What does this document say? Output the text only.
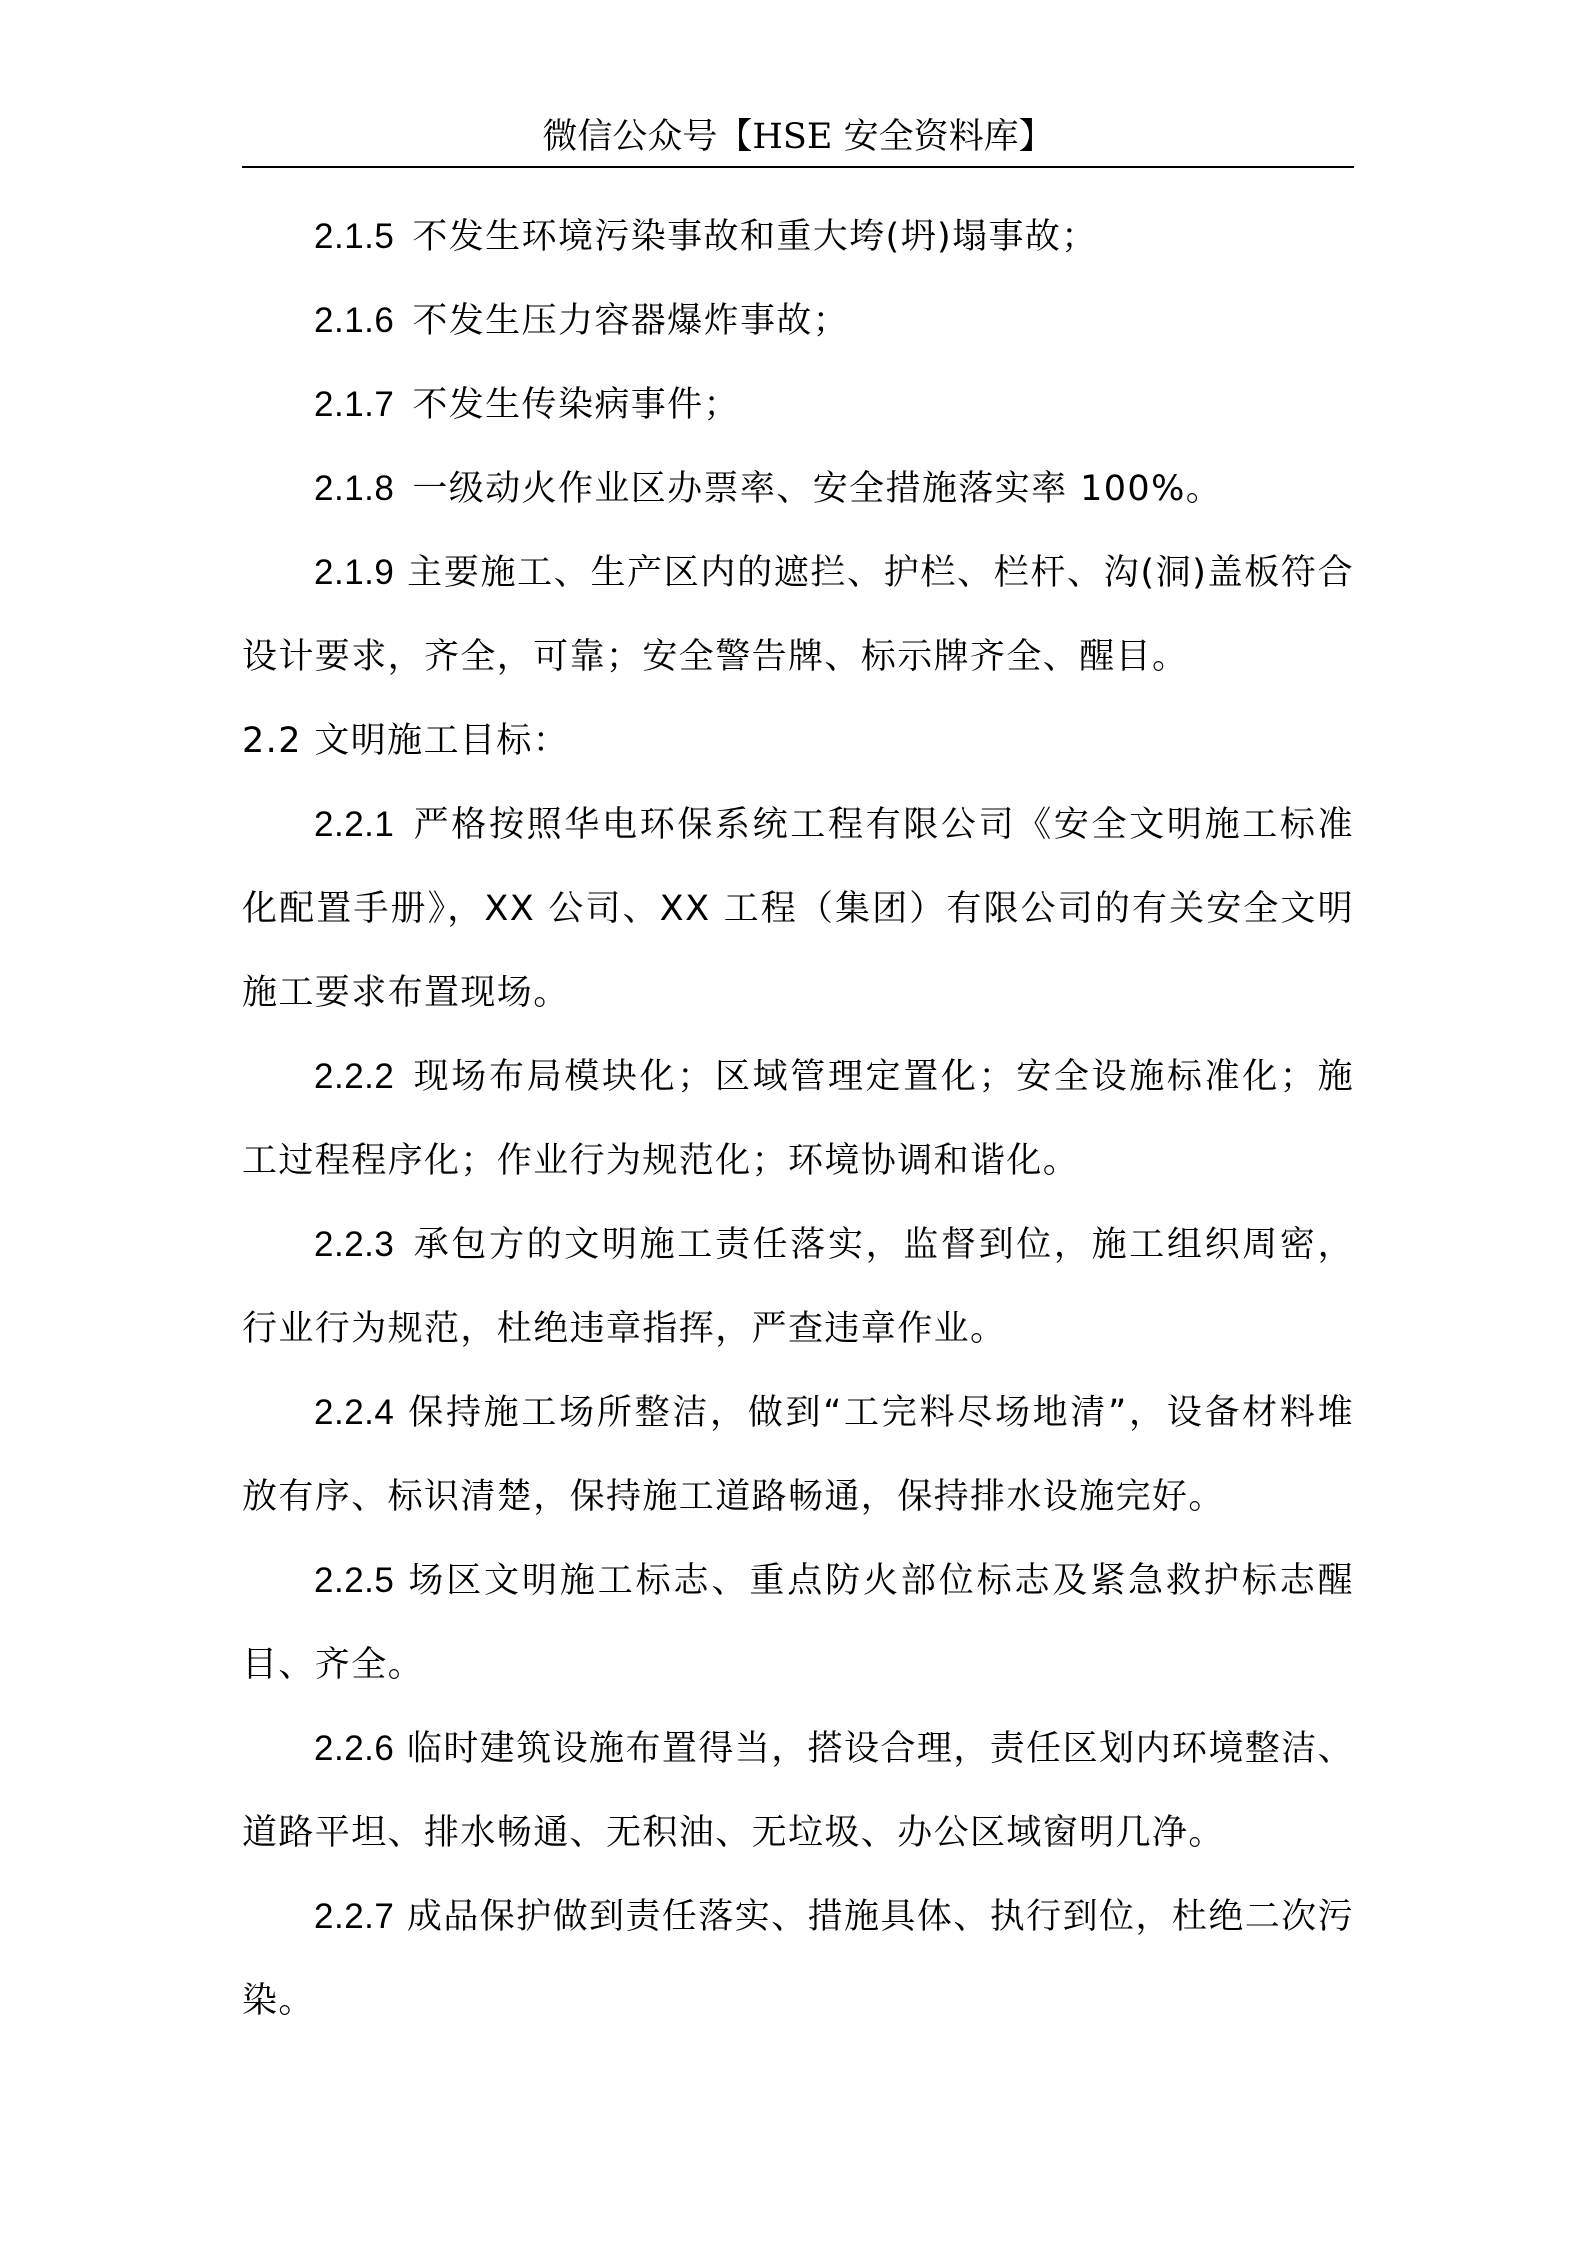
微信公众号【HSE 安全资料库】

2.1.5 不发生环境污染事故和重大垮(坍)塌事故；

2.1.6 不发生压力容器爆炸事故；

2.1.7 不发生传染病事件；

2.1.8 一级动火作业区办票率、安全措施落实率 100%。

2.1.9 主要施工、生产区内的遮拦、护栏、栏杆、沟(洞)盖板符合设计要求，齐全，可靠；安全警告牌、标示牌齐全、醒目。

2.2 文明施工目标：

2.2.1 严格按照华电环保系统工程有限公司《安全文明施工标准化配置手册》，XX 公司、XX 工程（集团）有限公司的有关安全文明施工要求布置现场。

2.2.2 现场布局模块化；区域管理定置化；安全设施标准化；施工过程程序化；作业行为规范化；环境协调和谐化。

2.2.3 承包方的文明施工责任落实，监督到位，施工组织周密，行业行为规范，杜绝违章指挥，严查违章作业。

2.2.4 保持施工场所整洁，做到“工完料尽场地清”，设备材料堆放有序、标识清楚，保持施工道路畅通，保持排水设施完好。

2.2.5 场区文明施工标志、重点防火部位标志及紧急救护标志醒目、齐全。

2.2.6 临时建筑设施布置得当，搭设合理，责任区划内环境整洁、道路平坦、排水畅通、无积油、无垃圾、办公区域窗明几净。

2.2.7 成品保护做到责任落实、措施具体、执行到位，杜绝二次污染。
